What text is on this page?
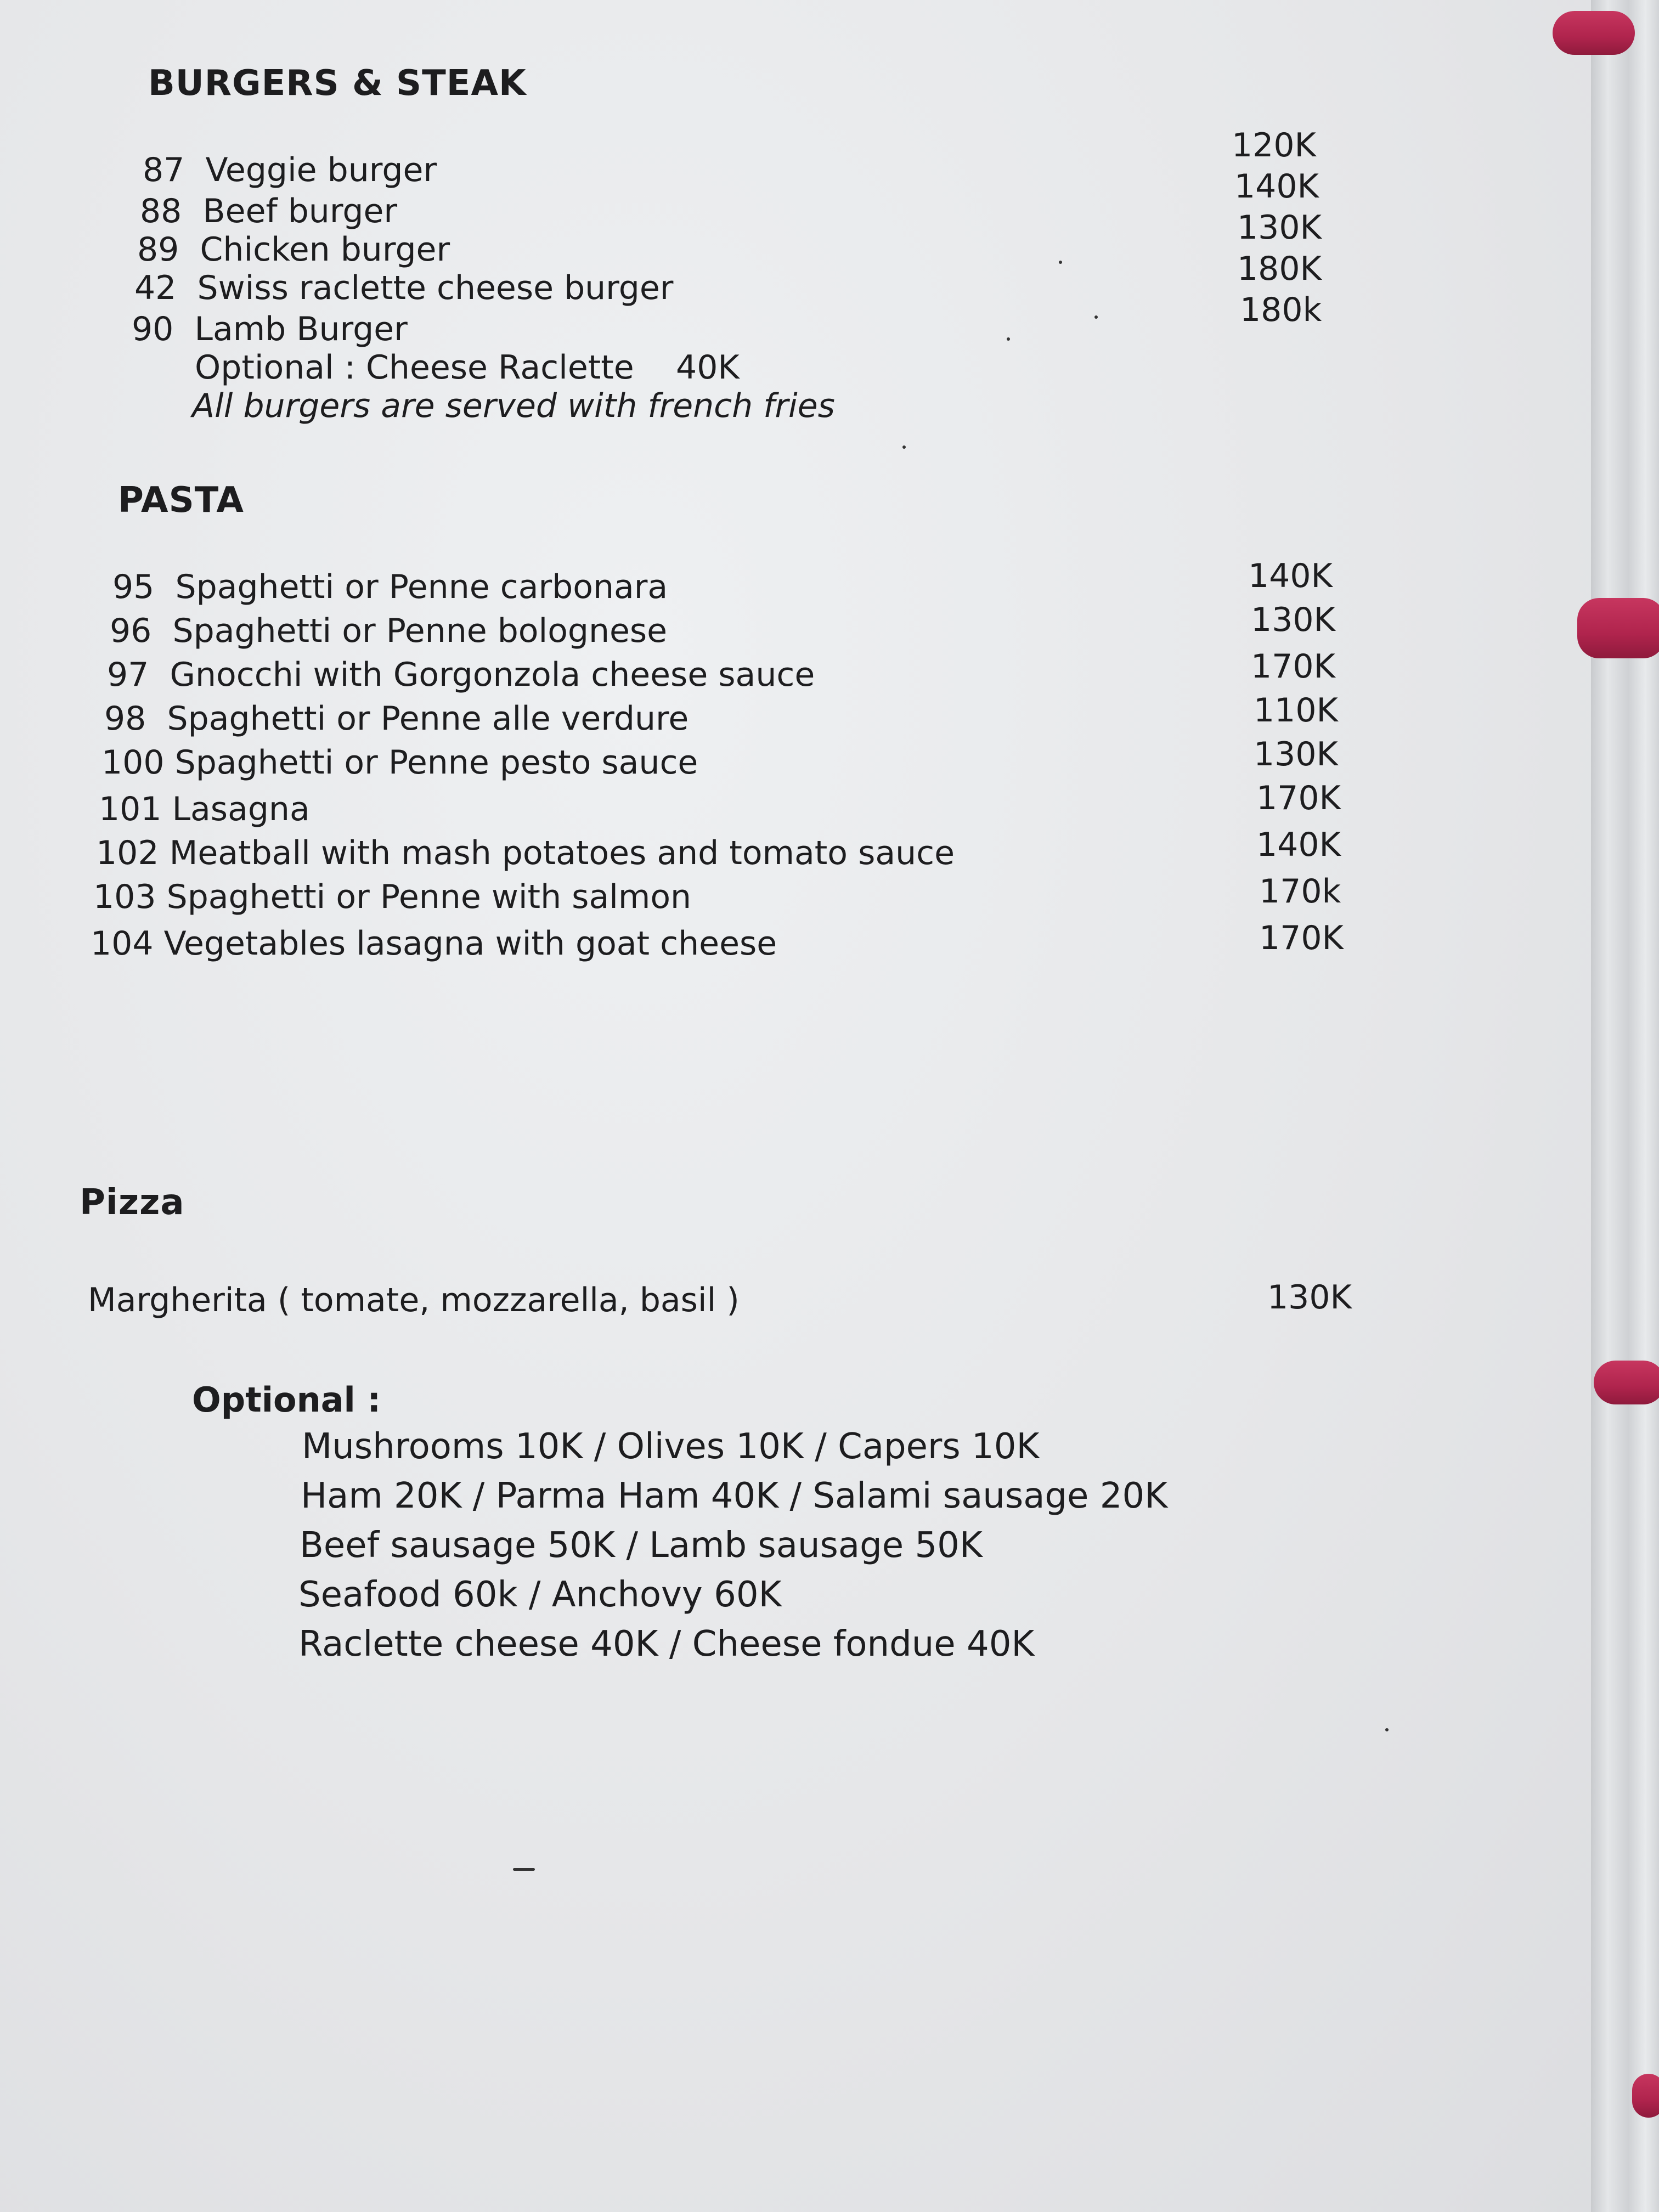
BURGERS & STEAK
87 Veggie burger
88 Beef burger
89 Chicken burger
42 Swiss raclette cheese burger
90 Lamb Burger
120K
140K
130K
180K
180k
Optional : Cheese Raclette 40K
All burgers are served with french fries
PASTA
95 Spaghetti or Penne carbonara
96 Spaghetti or Penne bolognese
97 Gnocchi with Gorgonzola cheese sauce
98 Spaghetti or Penne alle verdure
100 Spaghetti or Penne pesto sauce
101 Lasagna
102 Meatball with mash potatoes and tomato sauce
103 Spaghetti or Penne with salmon
104 Vegetables lasagna with goat cheese
140K
130K
170K
110K
130K
170K
140K
170k
170K
Pizza
Margherita ( tomate, mozzarella, basil )	130K
Optional :
Mushrooms 10K / Olives 10K / Capers 10K
Ham 20K / Parma Ham 40K / Salami sausage 20K
Beef sausage 50K / Lamb sausage 50K
Seafood 60k / Anchovy 60K
Raclette cheese 40K / Cheese fondue 40K
